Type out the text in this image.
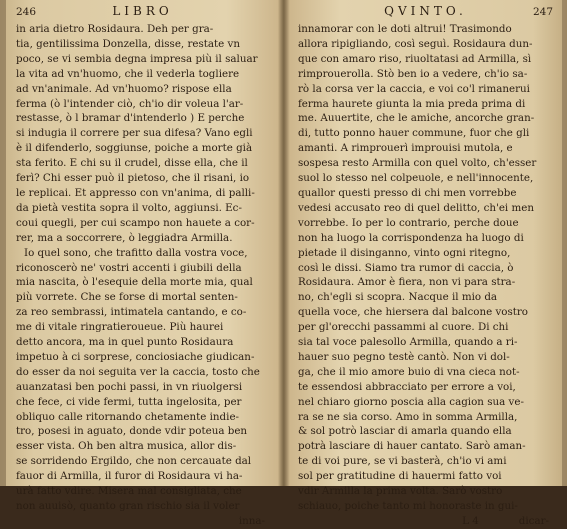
246	LIBRO
in aria dietro Rosidaura. Deh per gra-
tia, gentilissima Donzella, disse, restate vn
poco, se vi sembia degna impresa più il saluar
la vita ad vn'huomo, che il vederla togliere
ad vn'animale. Ad vn'huomo? rispose ella
ferma (ò l'intender ciò, ch'io dir voleua l'ar-
restasse, ò l bramar d'intenderlo ) E perche
si indugia il correre per sua difesa? Vano egli
è il difenderlo, soggiunse, poiche a morte già
sta ferito. E chi su il crudel, disse ella, che il
ferì? Chi esser può il pietoso, che il risani, io
le replicai. Et appresso con vn'anima, di palli-
da pietà vestita sopra il volto, aggiunsi. Ec-
coui quegli, per cui scampo non hauete a cor-
rer, ma a soccorrere, ò leggiadra Armilla.
Io quel sono, che trafitto dalla vostra voce,
riconoscerò ne' vostri accenti i giubili della
mia nascita, ò l'esequie della morte mia, qual
più vorrete. Che se forse di mortal senten-
za reo sembrassi, intimatela cantando, e co-
me di vitale ringratieroueue. Più haurei
detto ancora, ma in quel punto Rosidaura
impetuo à ci sorprese, conciosiache giudican-
do esser da noi seguita ver la caccia, tosto che
auanzatasi ben pochi passi, in vn riuolgersi
che fece, ci vide fermi, tutta ingelosita, per
obliquo calle ritornando chetamente indie-
tro, posesi in aguato, donde vdir poteua ben
esser vista. Oh ben altra musica, allor dis-
se sorridendo Ergildo, che non cercauate dal
fauor di Armilla, il furor di Rosidaura vi ha-
urà fatto vdire. Misera mal consigliata, che
non auuisò, quanto gran rischio sia il voler
inna-
QVINTO.	247
innamorar con le doti altrui! Trasimondo
allora ripigliando, così seguì. Rosidaura dun-
que con amaro riso, riuoltatasi ad Armilla, sì
rimprouerolla. Stò ben io a vedere, ch'io sa-
rò la corsa ver la caccia, e voi co'l rimanerui
ferma haurete giunta la mia preda prima di
me. Auuertite, che le amiche, ancorche gran-
di, tutto ponno hauer commune, fuor che gli
amanti. A rimprouerì improuisi mutola, e
sospesa resto Armilla con quel volto, ch'esser
suol lo stesso nel colpeuole, e nell'innocente,
quallor questi presso di chi men vorrebbe
vedesi accusato reo di quel delitto, ch'ei men
vorrebbe. Io per lo contrario, perche doue
non ha luogo la corrispondenza ha luogo di
pietade il disinganno, vinto ogni ritegno,
così le dissi. Siamo tra rumor di caccia, ò
Rosidaura. Amor è fiera, non vi para stra-
no, ch'egli si scopra. Nacque il mio da
quella voce, che hiersera dal balcone vostro
per gl'orecchi passammi al cuore. Di chi
sia tal voce palesollo Armilla, quando a ri-
hauer suo pegno testè cantò. Non vi dol-
ga, che il mio amore buio di vna cieca not-
te essendosi abbracciato per errore a voi,
nel chiaro giorno poscia alla cagion sua ve-
ra se ne sia corso. Amo in somma Armilla,
& sol potrò lasciar di amarla quando ella
potrà lasciare di hauer cantato. Sarò aman-
te di voi pure, se vi basterà, ch'io vi ami
sol per gratitudine di hauermi fatto voi
vdir Armilla la prima volta. Sarò vostro
schiauo, poiche tanto mi honoraste in gui-
L 4	dicar-
